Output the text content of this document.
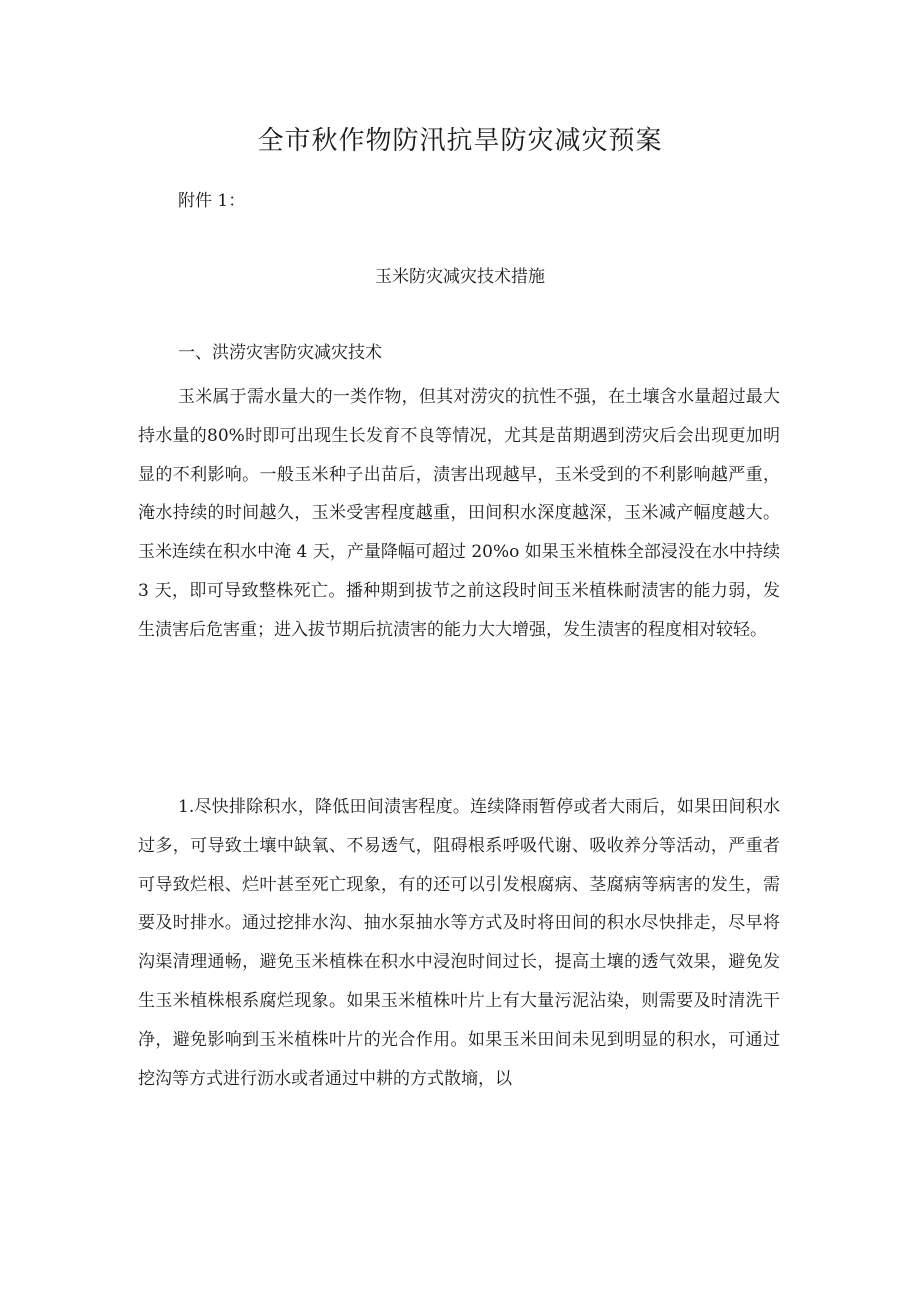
全市秋作物防汛抗旱防灾减灾预案

附件 1：

玉米防灾减灾技术措施
一、洪涝灾害防灾减灾技术

玉米属于需水量大的一类作物，但其对涝灾的抗性不强，在土壤含水量超过最大持水量的80%时即可出现生长发育不良等情况，尤其是苗期遇到涝灾后会出现更加明显的不利影响。一般玉米种子出苗后，渍害出现越早，玉米受到的不利影响越严重，淹水持续的时间越久，玉米受害程度越重，田间积水深度越深，玉米减产幅度越大。玉米连续在积水中淹 4 天，产量降幅可超过 20%o 如果玉米植株全部浸没在水中持续 3 天，即可导致整株死亡。播种期到拔节之前这段时间玉米植株耐渍害的能力弱，发生渍害后危害重；进入拔节期后抗渍害的能力大大增强，发生渍害的程度相对较轻。

1.尽快排除积水，降低田间渍害程度。连续降雨暂停或者大雨后，如果田间积水过多，可导致土壤中缺氧、不易透气，阻碍根系呼吸代谢、吸收养分等活动，严重者可导致烂根、烂叶甚至死亡现象，有的还可以引发根腐病、茎腐病等病害的发生，需要及时排水。通过挖排水沟、抽水泵抽水等方式及时将田间的积水尽快排走，尽早将沟渠清理通畅，避免玉米植株在积水中浸泡时间过长，提高土壤的透气效果，避免发生玉米植株根系腐烂现象。如果玉米植株叶片上有大量污泥沾染，则需要及时清洗干净，避免影响到玉米植株叶片的光合作用。如果玉米田间未见到明显的积水，可通过挖沟等方式进行沥水或者通过中耕的方式散墒，以
